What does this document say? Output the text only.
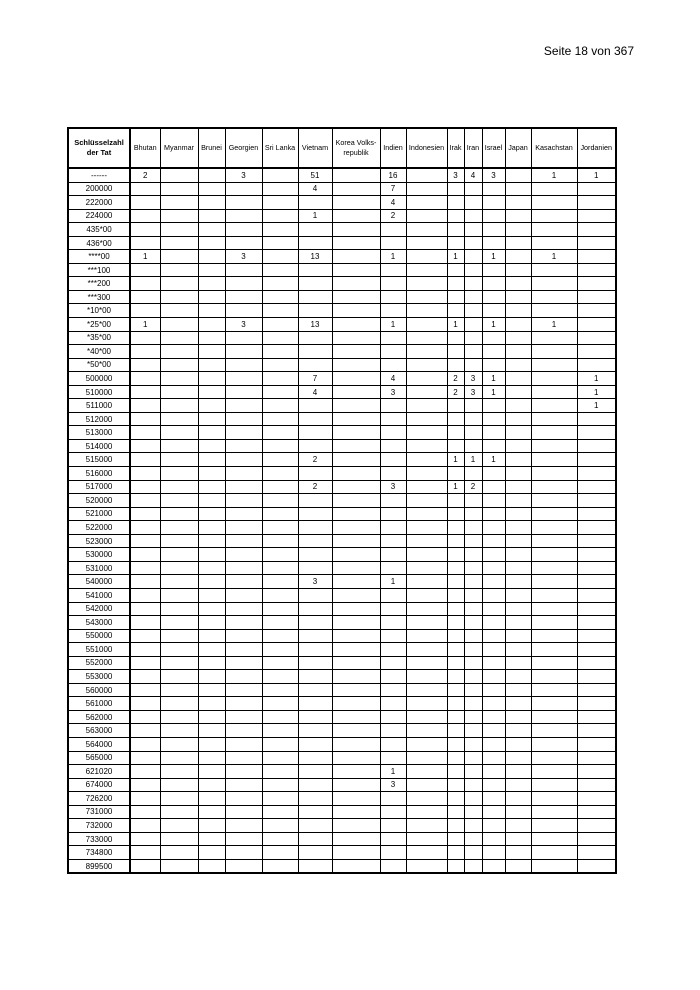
Seite 18 von 367
Schlüsselzahl der Tat	Bhutan	Myanmar	Brunei	Georgien	Sri Lanka	Vietnam	Korea Volks-republik	Indien	Indonesien	Irak	Iran	Israel	Japan	Kasachstan	Jordanien
------	2			3		51		16		3	4	3		1	1
200000						4		7							
222000								4							
224000						1		2							
435*00															
436*00															
****00	1			3		13		1		1		1		1	
***100															
***200															
***300															
*10*00															
*25*00	1			3		13		1		1		1		1	
*35*00															
*40*00															
*50*00															
500000						7		4		2	3	1			1
510000						4		3		2	3	1			1
511000															1
512000															
513000															
514000															
515000						2				1	1	1			
516000															
517000						2		3		1	2				
520000															
521000															
522000															
523000															
530000															
531000															
540000						3		1							
541000															
542000															
543000															
550000															
551000															
552000															
553000															
560000															
561000															
562000															
563000															
564000															
565000															
621020								1							
674000								3							
726200															
731000															
732000															
733000															
734800															
899500															
